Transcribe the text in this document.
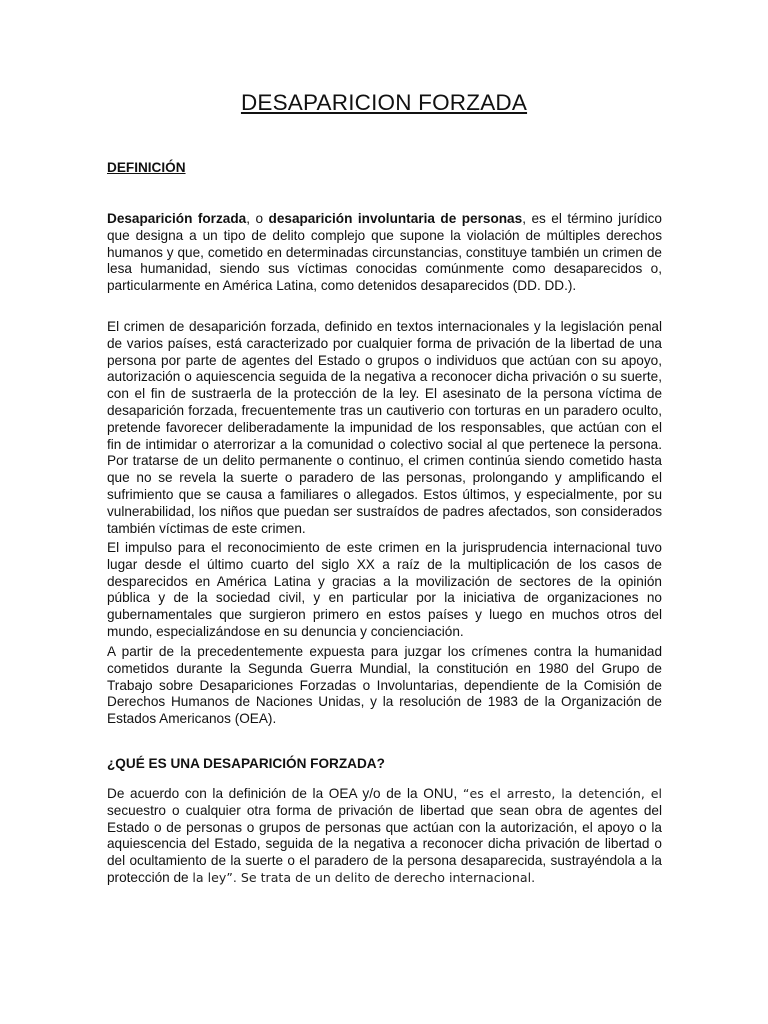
DESAPARICION FORZADA
DEFINICIÓN

Desaparición forzada, o desaparición involuntaria de personas, es el término jurídico que designa a un tipo de delito complejo que supone la violación de múltiples derechos humanos y que, cometido en determinadas circunstancias, constituye también un crimen de lesa humanidad, siendo sus víctimas conocidas comúnmente como desaparecidos o, particularmente en América Latina, como detenidos desaparecidos (DD. DD.).

El crimen de desaparición forzada, definido en textos internacionales y la legislación penal de varios países, está caracterizado por cualquier forma de privación de la libertad de una persona por parte de agentes del Estado o grupos o individuos que actúan con su apoyo, autorización o aquiescencia seguida de la negativa a reconocer dicha privación o su suerte, con el fin de sustraerla de la protección de la ley. El asesinato de la persona víctima de desaparición forzada, frecuentemente tras un cautiverio con torturas en un paradero oculto, pretende favorecer deliberadamente la impunidad de los responsables, que actúan con el fin de intimidar o aterrorizar a la comunidad o colectivo social al que pertenece la persona. Por tratarse de un delito permanente o continuo, el crimen continúa siendo cometido hasta que no se revela la suerte o paradero de las personas, prolongando y amplificando el sufrimiento que se causa a familiares o allegados. Estos últimos, y especialmente, por su vulnerabilidad, los niños que puedan ser sustraídos de padres afectados, son considerados también víctimas de este crimen.

El impulso para el reconocimiento de este crimen en la jurisprudencia internacional tuvo lugar desde el último cuarto del siglo XX a raíz de la multiplicación de los casos de desparecidos en América Latina y gracias a la movilización de sectores de la opinión pública y de la sociedad civil, y en particular por la iniciativa de organizaciones no gubernamentales que surgieron primero en estos países y luego en muchos otros del mundo, especializándose en su denuncia y concienciación.

A partir de la precedentemente expuesta para juzgar los crímenes contra la humanidad cometidos durante la Segunda Guerra Mundial, la constitución en 1980 del Grupo de Trabajo sobre Desapariciones Forzadas o Involuntarias, dependiente de la Comisión de Derechos Humanos de Naciones Unidas, y la resolución de 1983 de la Organización de Estados Americanos (OEA).

¿QUÉ ES UNA DESAPARICIÓN FORZADA?

De acuerdo con la definición de la OEA y/o de la ONU, “es el arresto, la detención, el secuestro o cualquier otra forma de privación de libertad que sean obra de agentes del Estado o de personas o grupos de personas que actúan con la autorización, el apoyo o la aquiescencia del Estado, seguida de la negativa a reconocer dicha privación de libertad o del ocultamiento de la suerte o el paradero de la persona desaparecida, sustrayéndola a la protección de la ley”. Se trata de un delito de derecho internacional.
